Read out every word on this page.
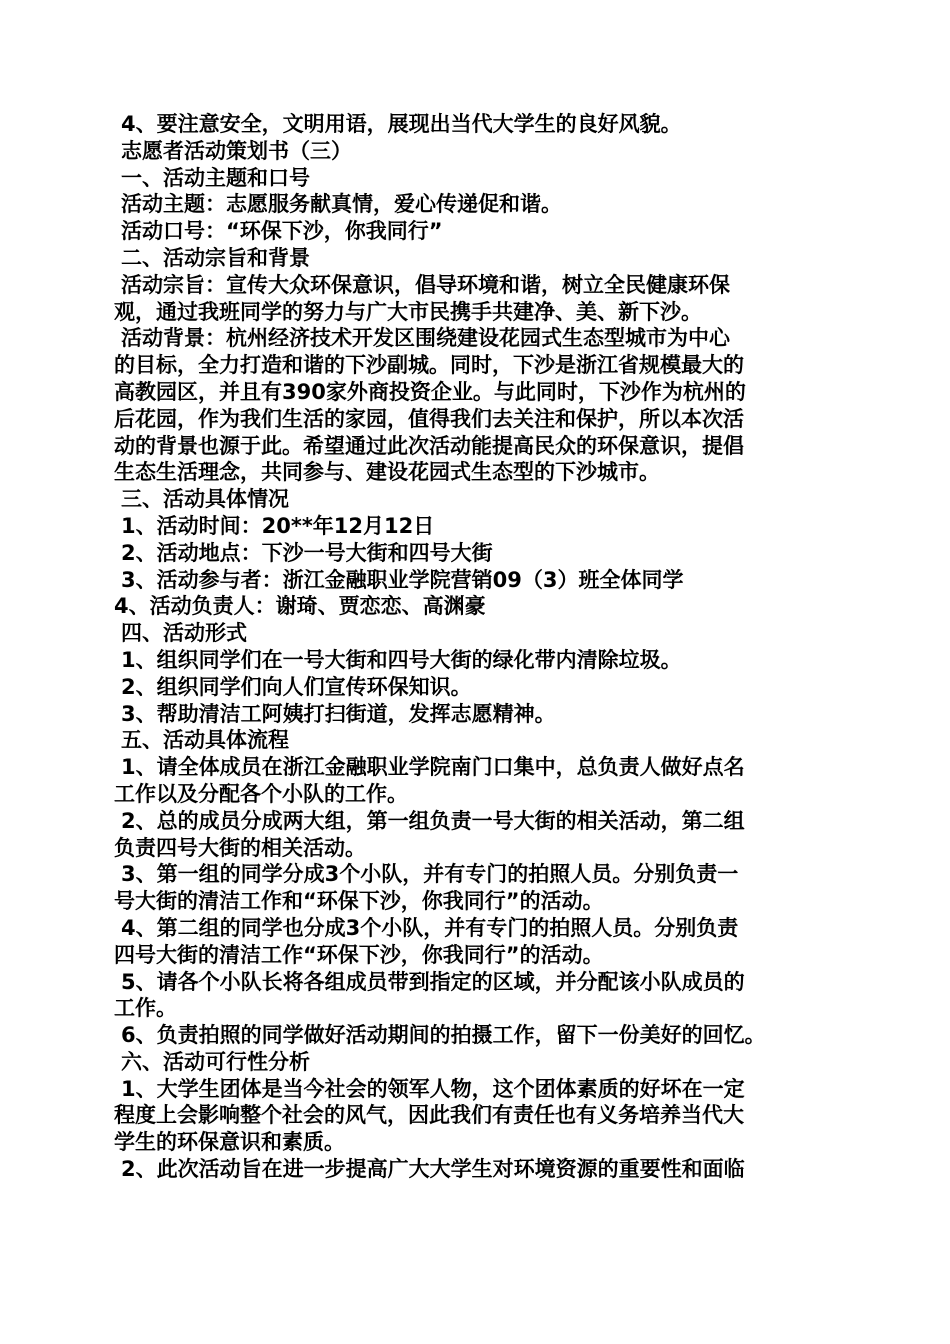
4、要注意安全，文明用语，展现出当代大学生的良好风貌。
志愿者活动策划书（三）
一、活动主题和口号
活动主题：志愿服务献真情，爱心传递促和谐。
活动口号：“环保下沙，你我同行”
二、活动宗旨和背景
活动宗旨：宣传大众环保意识，倡导环境和谐，树立全民健康环保
观，通过我班同学的努力与广大市民携手共建净、美、新下沙。
活动背景：杭州经济技术开发区围绕建设花园式生态型城市为中心
的目标，全力打造和谐的下沙副城。同时，下沙是浙江省规模最大的
高教园区，并且有390家外商投资企业。与此同时，下沙作为杭州的
后花园，作为我们生活的家园，值得我们去关注和保护，所以本次活
动的背景也源于此。希望通过此次活动能提高民众的环保意识，提倡
生态生活理念，共同参与、建设花园式生态型的下沙城市。
三、活动具体情况
1、活动时间：20**年12月12日
2、活动地点：下沙一号大街和四号大街
3、活动参与者：浙江金融职业学院营销09（3）班全体同学
4、活动负责人：谢琦、贾恋恋、高渊豪
四、活动形式
1、组织同学们在一号大街和四号大街的绿化带内清除垃圾。
2、组织同学们向人们宣传环保知识。
3、帮助清洁工阿姨打扫街道，发挥志愿精神。
五、活动具体流程
1、请全体成员在浙江金融职业学院南门口集中，总负责人做好点名
工作以及分配各个小队的工作。
2、总的成员分成两大组，第一组负责一号大街的相关活动，第二组
负责四号大街的相关活动。
3、第一组的同学分成3个小队，并有专门的拍照人员。分别负责一
号大街的清洁工作和“环保下沙，你我同行”的活动。
4、第二组的同学也分成3个小队，并有专门的拍照人员。分别负责
四号大街的清洁工作“环保下沙，你我同行”的活动。
5、请各个小队长将各组成员带到指定的区域，并分配该小队成员的
工作。
6、负责拍照的同学做好活动期间的拍摄工作，留下一份美好的回忆。
六、活动可行性分析
1、大学生团体是当今社会的领军人物，这个团体素质的好坏在一定
程度上会影响整个社会的风气，因此我们有责任也有义务培养当代大
学生的环保意识和素质。
2、此次活动旨在进一步提高广大大学生对环境资源的重要性和面临
